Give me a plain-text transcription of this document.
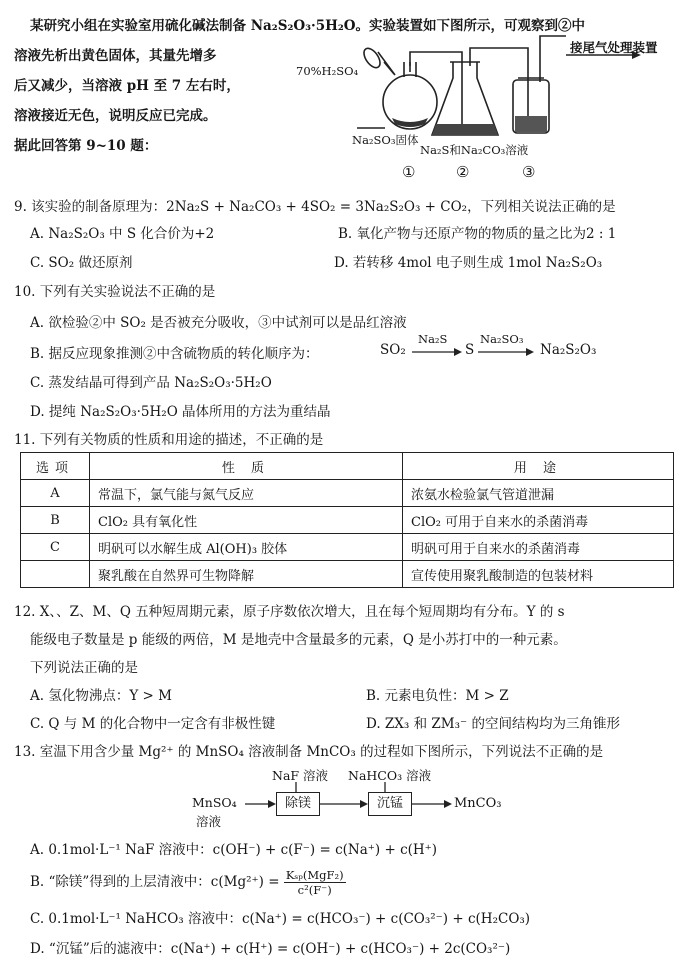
某研究小组在实验室用硫化碱法制备 Na₂S₂O₃·5H₂O。实验装置如下图所示，可观察到②中
溶液先析出黄色固体，其量先增多
后又减少，当溶液 pH 至 7 左右时，
溶液接近无色，说明反应已完成。
据此回答第 9~10 题：
70%H₂SO₄
接尾气处理装置
Na₂SO₃固体
Na₂S和Na₂CO₃溶液
①	②	③
9. 该实验的制备原理为：2Na₂S + Na₂CO₃ + 4SO₂ = 3Na₂S₂O₃ + CO₂，下列相关说法正确的是
A. Na₂S₂O₃ 中 S 化合价为+2	B. 氧化产物与还原产物的物质的量之比为2 : 1
C. SO₂ 做还原剂	D. 若转移 4mol 电子则生成 1mol Na₂S₂O₃
10. 下列有关实验说法不正确的是
A. 欲检验②中 SO₂ 是否被充分吸收，③中试剂可以是品红溶液
B. 据反应现象推测②中含硫物质的转化顺序为：	SO₂
Na₂S
S
Na₂SO₃
Na₂S₂O₃
C. 蒸发结晶可得到产品 Na₂S₂O₃·5H₂O
D. 提纯 Na₂S₂O₃·5H₂O 晶体所用的方法为重结晶
11. 下列有关物质的性质和用途的描述，不正确的是
选项	性 质	用 途
A	常温下，氯气能与氮气反应	浓氨水检验氯气管道泄漏
B	ClO₂ 具有氧化性	ClO₂ 可用于自来水的杀菌消毒
C	明矾可以水解生成 Al(OH)₃ 胶体	明矾可用于自来水的杀菌消毒
	聚乳酸在自然界可生物降解	宣传使用聚乳酸制造的包装材料
12. X、、Z、M、Q 五种短周期元素，原子序数依次增大，且在每个短周期均有分布。Y 的 s
能级电子数量是 p 能级的两倍，M 是地壳中含量最多的元素，Q 是小苏打中的一种元素。
下列说法正确的是
A. 氢化物沸点：Y > M	B. 元素电负性：M > Z
C. Q 与 M 的化合物中一定含有非极性键	D. ZX₃ 和 ZM₃⁻ 的空间结构均为三角锥形
13. 室温下用含少量 Mg²⁺ 的 MnSO₄ 溶液制备 MnCO₃ 的过程如下图所示，下列说法不正确的是
NaF 溶液 NaHCO₃ 溶液
MnSO₄
溶液
除镁	沉锰	MnCO₃
A. 0.1mol·L⁻¹ NaF 溶液中：c(OH⁻) + c(F⁻) = c(Na⁺) + c(H⁺)
B. “除镁”得到的上层清液中：$c(Mg^{2+}) = \frac{\text{Kₛₚ(MgF₂)}}{\text{c²(F⁻)}}$
C. 0.1mol·L⁻¹ NaHCO₃ 溶液中：c(Na⁺) = c(HCO₃⁻) + c(CO₃²⁻) + c(H₂CO₃)
D. “沉锰”后的滤液中：c(Na⁺) + c(H⁺) = c(OH⁻) + c(HCO₃⁻) + 2c(CO₃²⁻)
